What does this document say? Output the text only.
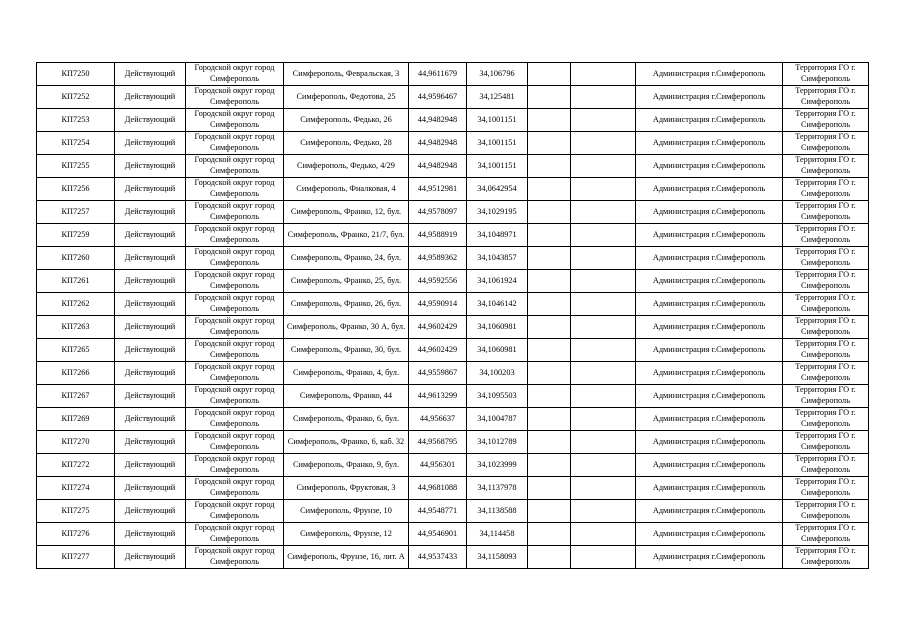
КП7250	Действующий	Городской округ город Симферополь	Симферополь, Февральская, 3	44,9611679	34,106796			Администрация г.Симферополь	Территория ГО г. Симферополь
КП7252	Действующий	Городской округ город Симферополь	Симферополь, Федотова, 25	44,9596467	34,125481			Администрация г.Симферополь	Территория ГО г. Симферополь
КП7253	Действующий	Городской округ город Симферополь	Симферополь, Федько, 26	44,9482948	34,1001151			Администрация г.Симферополь	Территория ГО г. Симферополь
КП7254	Действующий	Городской округ город Симферополь	Симферополь, Федько, 28	44,9482948	34,1001151			Администрация г.Симферополь	Территория ГО г. Симферополь
КП7255	Действующий	Городской округ город Симферополь	Симферополь, Федько, 4/29	44,9482948	34,1001151			Администрация г.Симферополь	Территория ГО г. Симферополь
КП7256	Действующий	Городской округ город Симферополь	Симферополь, Фиалковая, 4	44,9512981	34,0642954			Администрация г.Симферополь	Территория ГО г. Симферополь
КП7257	Действующий	Городской округ город Симферополь	Симферополь, Франко, 12, бул.	44,9578097	34,1029195			Администрация г.Симферополь	Территория ГО г. Симферополь
КП7259	Действующий	Городской округ город Симферополь	Симферополь, Франко, 21/7, бул.	44,9588919	34,1048971			Администрация г.Симферополь	Территория ГО г. Симферополь
КП7260	Действующий	Городской округ город Симферополь	Симферополь, Франко, 24, бул.	44,9589362	34,1043857			Администрация г.Симферополь	Территория ГО г. Симферополь
КП7261	Действующий	Городской округ город Симферополь	Симферополь, Франко, 25, бул.	44,9592556	34,1061924			Администрация г.Симферополь	Территория ГО г. Симферополь
КП7262	Действующий	Городской округ город Симферополь	Симферополь, Франко, 26, бул.	44,9590914	34,1046142			Администрация г.Симферополь	Территория ГО г. Симферополь
КП7263	Действующий	Городской округ город Симферополь	Симферополь, Франко, 30 А, бул.	44,9602429	34,1060981			Администрация г.Симферополь	Территория ГО г. Симферополь
КП7265	Действующий	Городской округ город Симферополь	Симферополь, Франко, 30, бул.	44,9602429	34,1060981			Администрация г.Симферополь	Территория ГО г. Симферополь
КП7266	Действующий	Городской округ город Симферополь	Симферополь, Франко, 4, бул.	44,9559867	34,100203			Администрация г.Симферополь	Территория ГО г. Симферополь
КП7267	Действующий	Городской округ город Симферополь	Симферополь, Франко, 44	44,9613299	34,1095503			Администрация г.Симферополь	Территория ГО г. Симферополь
КП7269	Действующий	Городской округ город Симферополь	Симферополь, Франко, 6, бул.	44,956637	34,1004787			Администрация г.Симферополь	Территория ГО г. Симферополь
КП7270	Действующий	Городской округ город Симферополь	Симферополь, Франко, 6, каб. 32	44,9568795	34,1012789			Администрация г.Симферополь	Территория ГО г. Симферополь
КП7272	Действующий	Городской округ город Симферополь	Симферополь, Франко, 9, бул.	44,956301	34,1023999			Администрация г.Симферополь	Территория ГО г. Симферополь
КП7274	Действующий	Городской округ город Симферополь	Симферополь, Фруктовая, 3	44,9681088	34,1137978			Администрация г.Симферополь	Территория ГО г. Симферополь
КП7275	Действующий	Городской округ город Симферополь	Симферополь, Фрунзе, 10	44,9548771	34,1138588			Администрация г.Симферополь	Территория ГО г. Симферополь
КП7276	Действующий	Городской округ город Симферополь	Симферополь, Фрунзе, 12	44,9546901	34,114458			Администрация г.Симферополь	Территория ГО г. Симферополь
КП7277	Действующий	Городской округ город Симферополь	Симферополь, Фрунзе, 16, лит. А	44,9537433	34,1158093			Администрация г.Симферополь	Территория ГО г. Симферополь
